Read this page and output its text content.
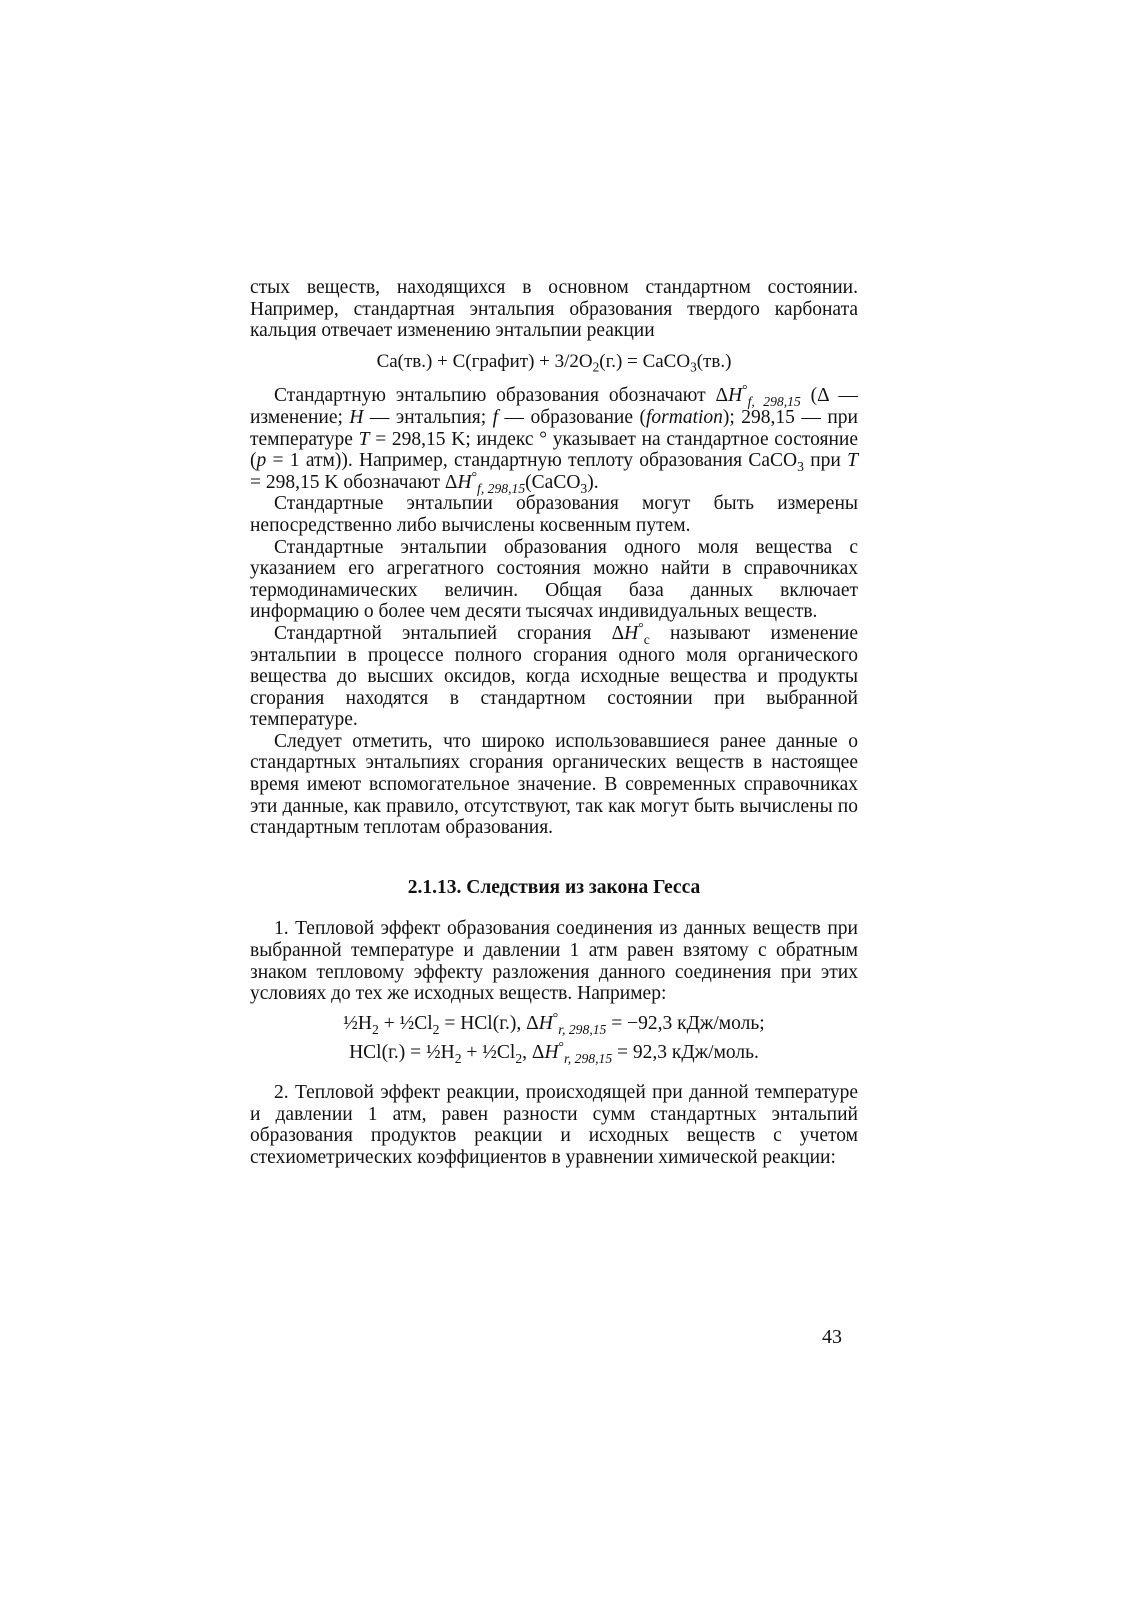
стых веществ, находящихся в основном стандартном состоянии. Например, стандартная энтальпия образования твердого карбоната кальция отвечает изменению энтальпии реакции

Ca(тв.) + C(графит) + $3/2O_2(г.)$ = CaCO$_3$(тв.)

Стандартную энтальпию образования обозначают $\Delta H^\circ_{f, 298,15}$ (Δ — изменение; H — энтальпия; f — образование (formation); 298,15 — при температуре T = 298,15 K; индекс ° указывает на стандартное состояние (p = 1 атм)). Например, стандартную теплоту образования CaCO$_3$ при T = 298,15 K обозначают $\Delta H^\circ_{f, 298,15}(CaCO_3)$.

Стандартные энтальпии образования могут быть измерены непосредственно либо вычислены косвенным путем.

Стандартные энтальпии образования одного моля вещества с указанием его агрегатного состояния можно найти в справочниках термодинамических величин. Общая база данных включает информацию о более чем десяти тысячах индивидуальных веществ.

Стандартной энтальпией сгорания $\Delta H^\circ_c$ называют изменение энтальпии в процессе полного сгорания одного моля органического вещества до высших оксидов, когда исходные вещества и продукты сгорания находятся в стандартном состоянии при выбранной температуре.

Следует отметить, что широко использовавшиеся ранее данные о стандартных энтальпиях сгорания органических веществ в настоящее время имеют вспомогательное значение. В современных справочниках эти данные, как правило, отсутствуют, так как могут быть вычислены по стандартным теплотам образования.

2.1.13. Следствия из закона Гесса

1. Тепловой эффект образования соединения из данных веществ при выбранной температуре и давлении 1 атм равен взятому с обратным знаком тепловому эффекту разложения данного соединения при этих условиях до тех же исходных веществ. Например:

$\frac{1}{2}H_2$ + $\frac{1}{2}Cl_2 = HCl(г.)$, $\Delta H^\circ_{r, 298,15} = -92,3$ кДж/моль;

$HCl(г.) = \frac{1}{2}H_2$ + $\frac{1}{2}Cl_2$, $\Delta H^\circ_{r, 298,15} = 92,3$ кДж/моль.

2. Тепловой эффект реакции, происходящей при данной температуре и давлении 1 атм, равен разности сумм стандартных энтальпий образования продуктов реакции и исходных веществ с учетом стехиометрических коэффициентов в уравнении химической реакции:

43
